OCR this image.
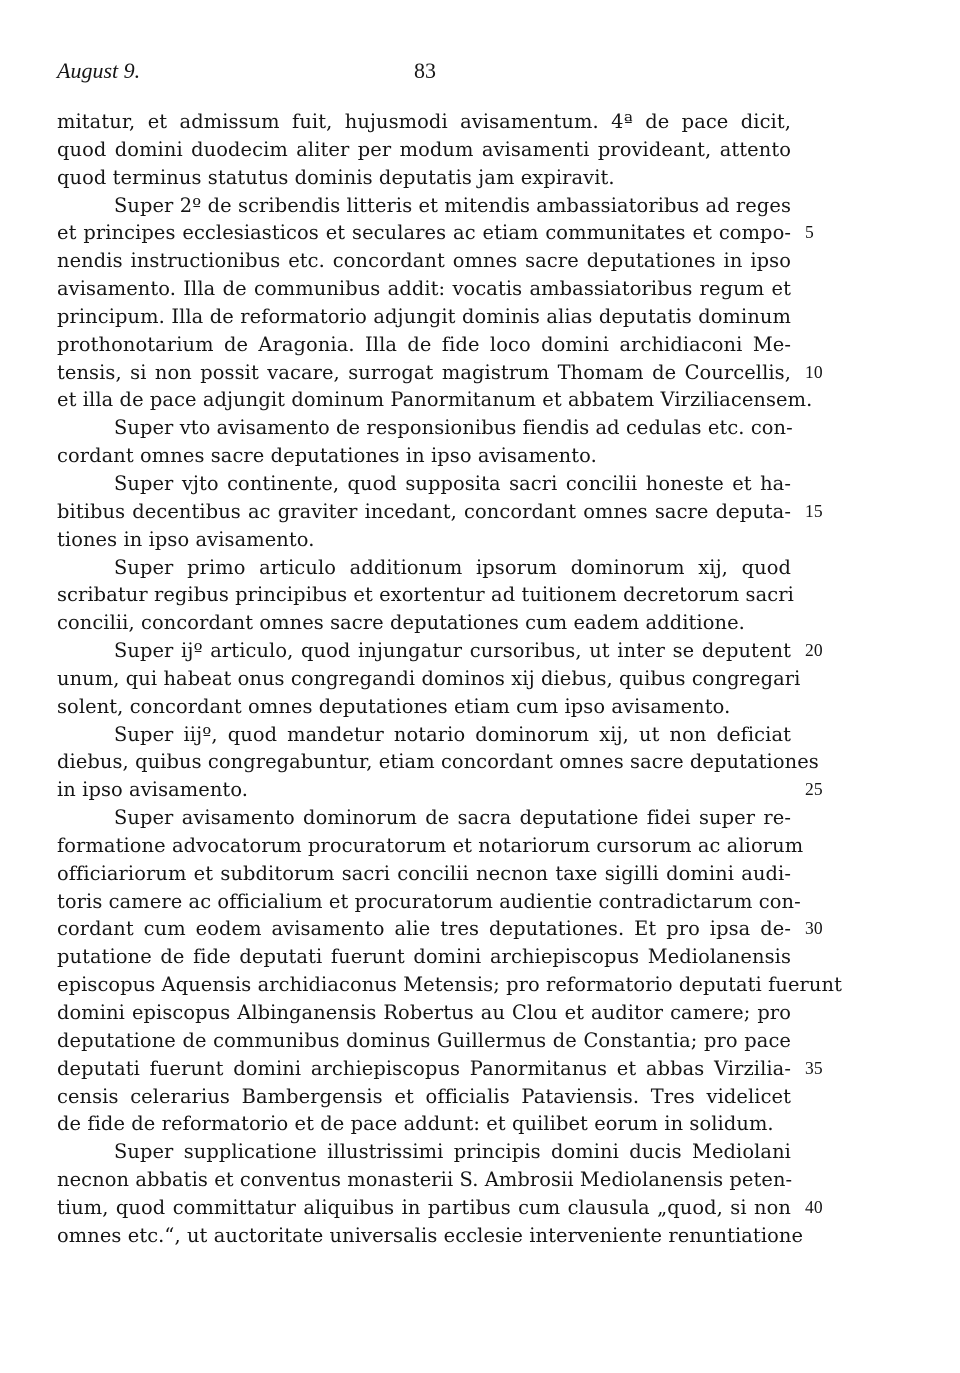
August 9.	83
mitatur, et admissum fuit, hujusmodi avisamentum. 4ª de pace dicit,
quod domini duodecim aliter per modum avisamenti provideant, attento
quod terminus statutus dominis deputatis jam expiravit.
Super 2º de scribendis litteris et mitendis ambassiatoribus ad reges
et principes ecclesiasticos et seculares ac etiam communitates et compo- 5
nendis instructionibus etc. concordant omnes sacre deputationes in ipso
avisamento. Illa de communibus addit: vocatis ambassiatoribus regum et
principum. Illa de reformatorio adjungit dominis alias deputatis dominum
prothonotarium de Aragonia. Illa de fide loco domini archidiaconi Me-
tensis, si non possit vacare, surrogat magistrum Thomam de Courcellis, 10
et illa de pace adjungit dominum Panormitanum et abbatem Virziliacensem.
Super vto avisamento de responsionibus fiendis ad cedulas etc. con-
cordant omnes sacre deputationes in ipso avisamento.
Super vjto continente, quod supposita sacri concilii honeste et ha-
bitibus decentibus ac graviter incedant, concordant omnes sacre deputa- 15
tiones in ipso avisamento.
Super primo articulo additionum ipsorum dominorum xij, quod
scribatur regibus principibus et exortentur ad tuitionem decretorum sacri
concilii, concordant omnes sacre deputationes cum eadem additione.
Super ijº articulo, quod injungatur cursoribus, ut inter se deputent 20
unum, qui habeat onus congregandi dominos xij diebus, quibus congregari
solent, concordant omnes deputationes etiam cum ipso avisamento.
Super iijº, quod mandetur notario dominorum xij, ut non deficiat
diebus, quibus congregabuntur, etiam concordant omnes sacre deputationes
in ipso avisamento.	25
Super avisamento dominorum de sacra deputatione fidei super re-
formatione advocatorum procuratorum et notariorum cursorum ac aliorum
officiariorum et subditorum sacri concilii necnon taxe sigilli domini audi-
toris camere ac officialium et procuratorum audientie contradictarum con-
cordant cum eodem avisamento alie tres deputationes. Et pro ipsa de- 30
putatione de fide deputati fuerunt domini archiepiscopus Mediolanensis
episcopus Aquensis archidiaconus Metensis; pro reformatorio deputati fuerunt
domini episcopus Albinganensis Robertus au Clou et auditor camere; pro
deputatione de communibus dominus Guillermus de Constantia; pro pace
deputati fuerunt domini archiepiscopus Panormitanus et abbas Virzilia- 35
censis celerarius Bambergensis et officialis Pataviensis. Tres videlicet
de fide de reformatorio et de pace addunt: et quilibet eorum in solidum.
Super supplicatione illustrissimi principis domini ducis Mediolani
necnon abbatis et conventus monasterii S. Ambrosii Mediolanensis peten-
tium, quod committatur aliquibus in partibus cum clausula „quod, si non 40
omnes etc.“, ut auctoritate universalis ecclesie interveniente renuntiatione
